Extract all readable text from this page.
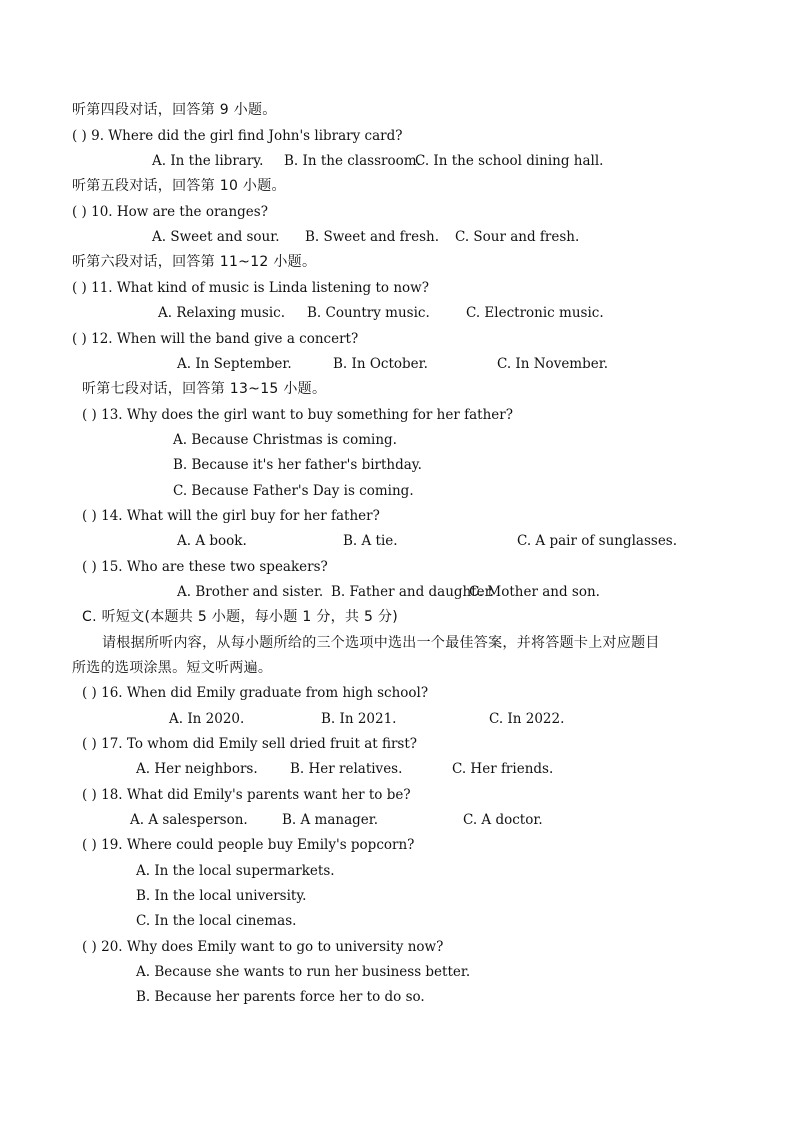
听第四段对话，回答第 9 小题。
( ) 9. Where did the girl find John's library card?
A. In the library. B. In the classroom.
C. In the school dining hall.
听第五段对话，回答第 10 小题。
( ) 10. How are the oranges?
A. Sweet and sour. B. Sweet and fresh. C. Sour and fresh.
听第六段对话，回答第 11~12 小题。
( ) 11. What kind of music is Linda listening to now?
A. Relaxing music. B. Country music.	C. Electronic music.
( ) 12. When will the band give a concert?
A. In September.	B. In October.	C. In November.
听第七段对话，回答第 13~15 小题。
( ) 13. Why does the girl want to buy something for her father?
A. Because Christmas is coming.
B. Because it's her father's birthday.
C. Because Father's Day is coming.
( ) 14. What will the girl buy for her father?
A. A book.	B. A tie.	C. A pair of sunglasses.
( ) 15. Who are these two speakers?
A. Brother and sister. B. Father and daughter.
C. Mother and son.
C. 听短文(本题共 5 小题，每小题 1 分，共 5 分)
请根据所听内容，从每小题所给的三个选项中选出一个最佳答案，并将答题卡上对应题目
所选的选项涂黑。短文听两遍。
( ) 16. When did Emily graduate from high school?
A. In 2020.	B. In 2021.	C. In 2022.
( ) 17. To whom did Emily sell dried fruit at first?
A. Her neighbors. B. Her relatives.	C. Her friends.
( ) 18. What did Emily's parents want her to be?
A. A salesperson.	B. A manager.	C. A doctor.
( ) 19. Where could people buy Emily's popcorn?
A. In the local supermarkets.
B. In the local university.
C. In the local cinemas.
( ) 20. Why does Emily want to go to university now?
A. Because she wants to run her business better.
B. Because her parents force her to do so.
